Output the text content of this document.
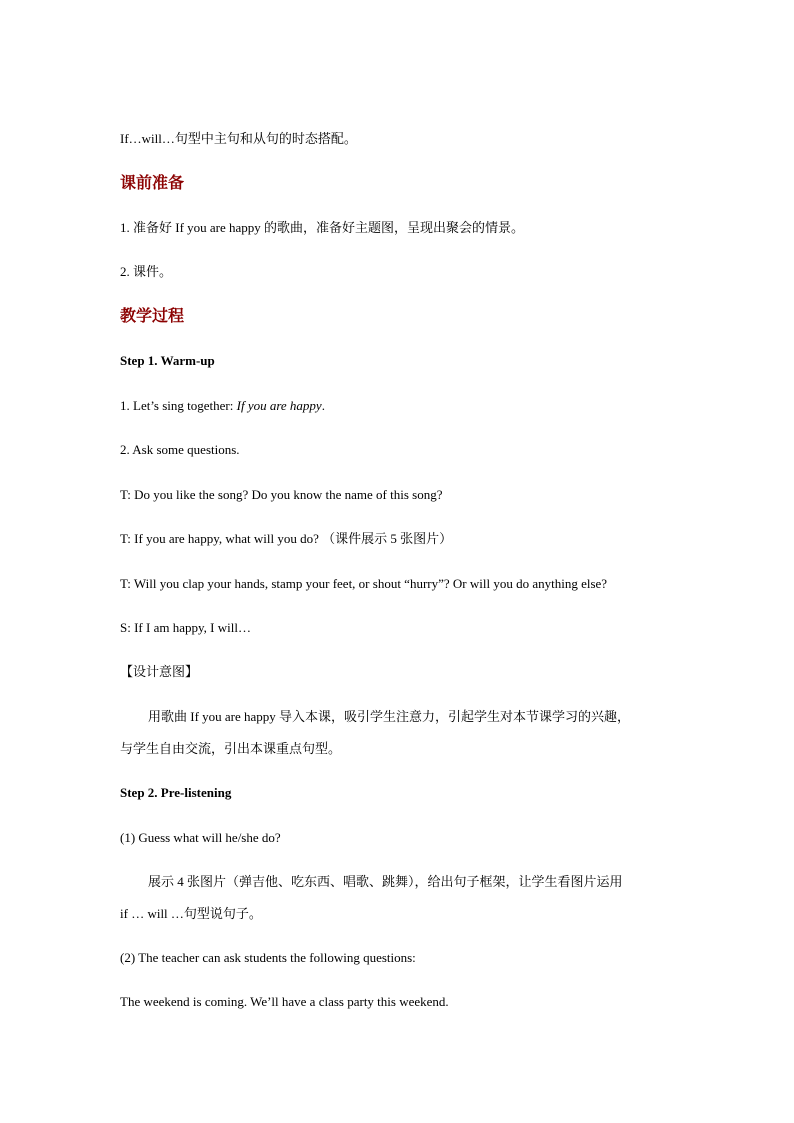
If…will…句型中主句和从句的时态搭配。

课前准备

1. 准备好 If you are happy 的歌曲，准备好主题图，呈现出聚会的情景。

2. 课件。

教学过程

Step 1. Warm-up

1. Let’s sing together: If you are happy.

2. Ask some questions.

T: Do you like the song? Do you know the name of this song?

T: If you are happy, what will you do? （课件展示 5 张图片）

T: Will you clap your hands, stamp your feet, or shout “hurry”? Or will you do anything else?

S: If I am happy, I will…

【设计意图】

用歌曲 If you are happy 导入本课，吸引学生注意力，引起学生对本节课学习的兴趣，

与学生自由交流，引出本课重点句型。

Step 2. Pre-listening

(1) Guess what will he/she do?

展示 4 张图片（弹吉他、吃东西、唱歌、跳舞），给出句子框架，让学生看图片运用

if … will …句型说句子。

(2) The teacher can ask students the following questions:

The weekend is coming. We’ll have a class party this weekend.
